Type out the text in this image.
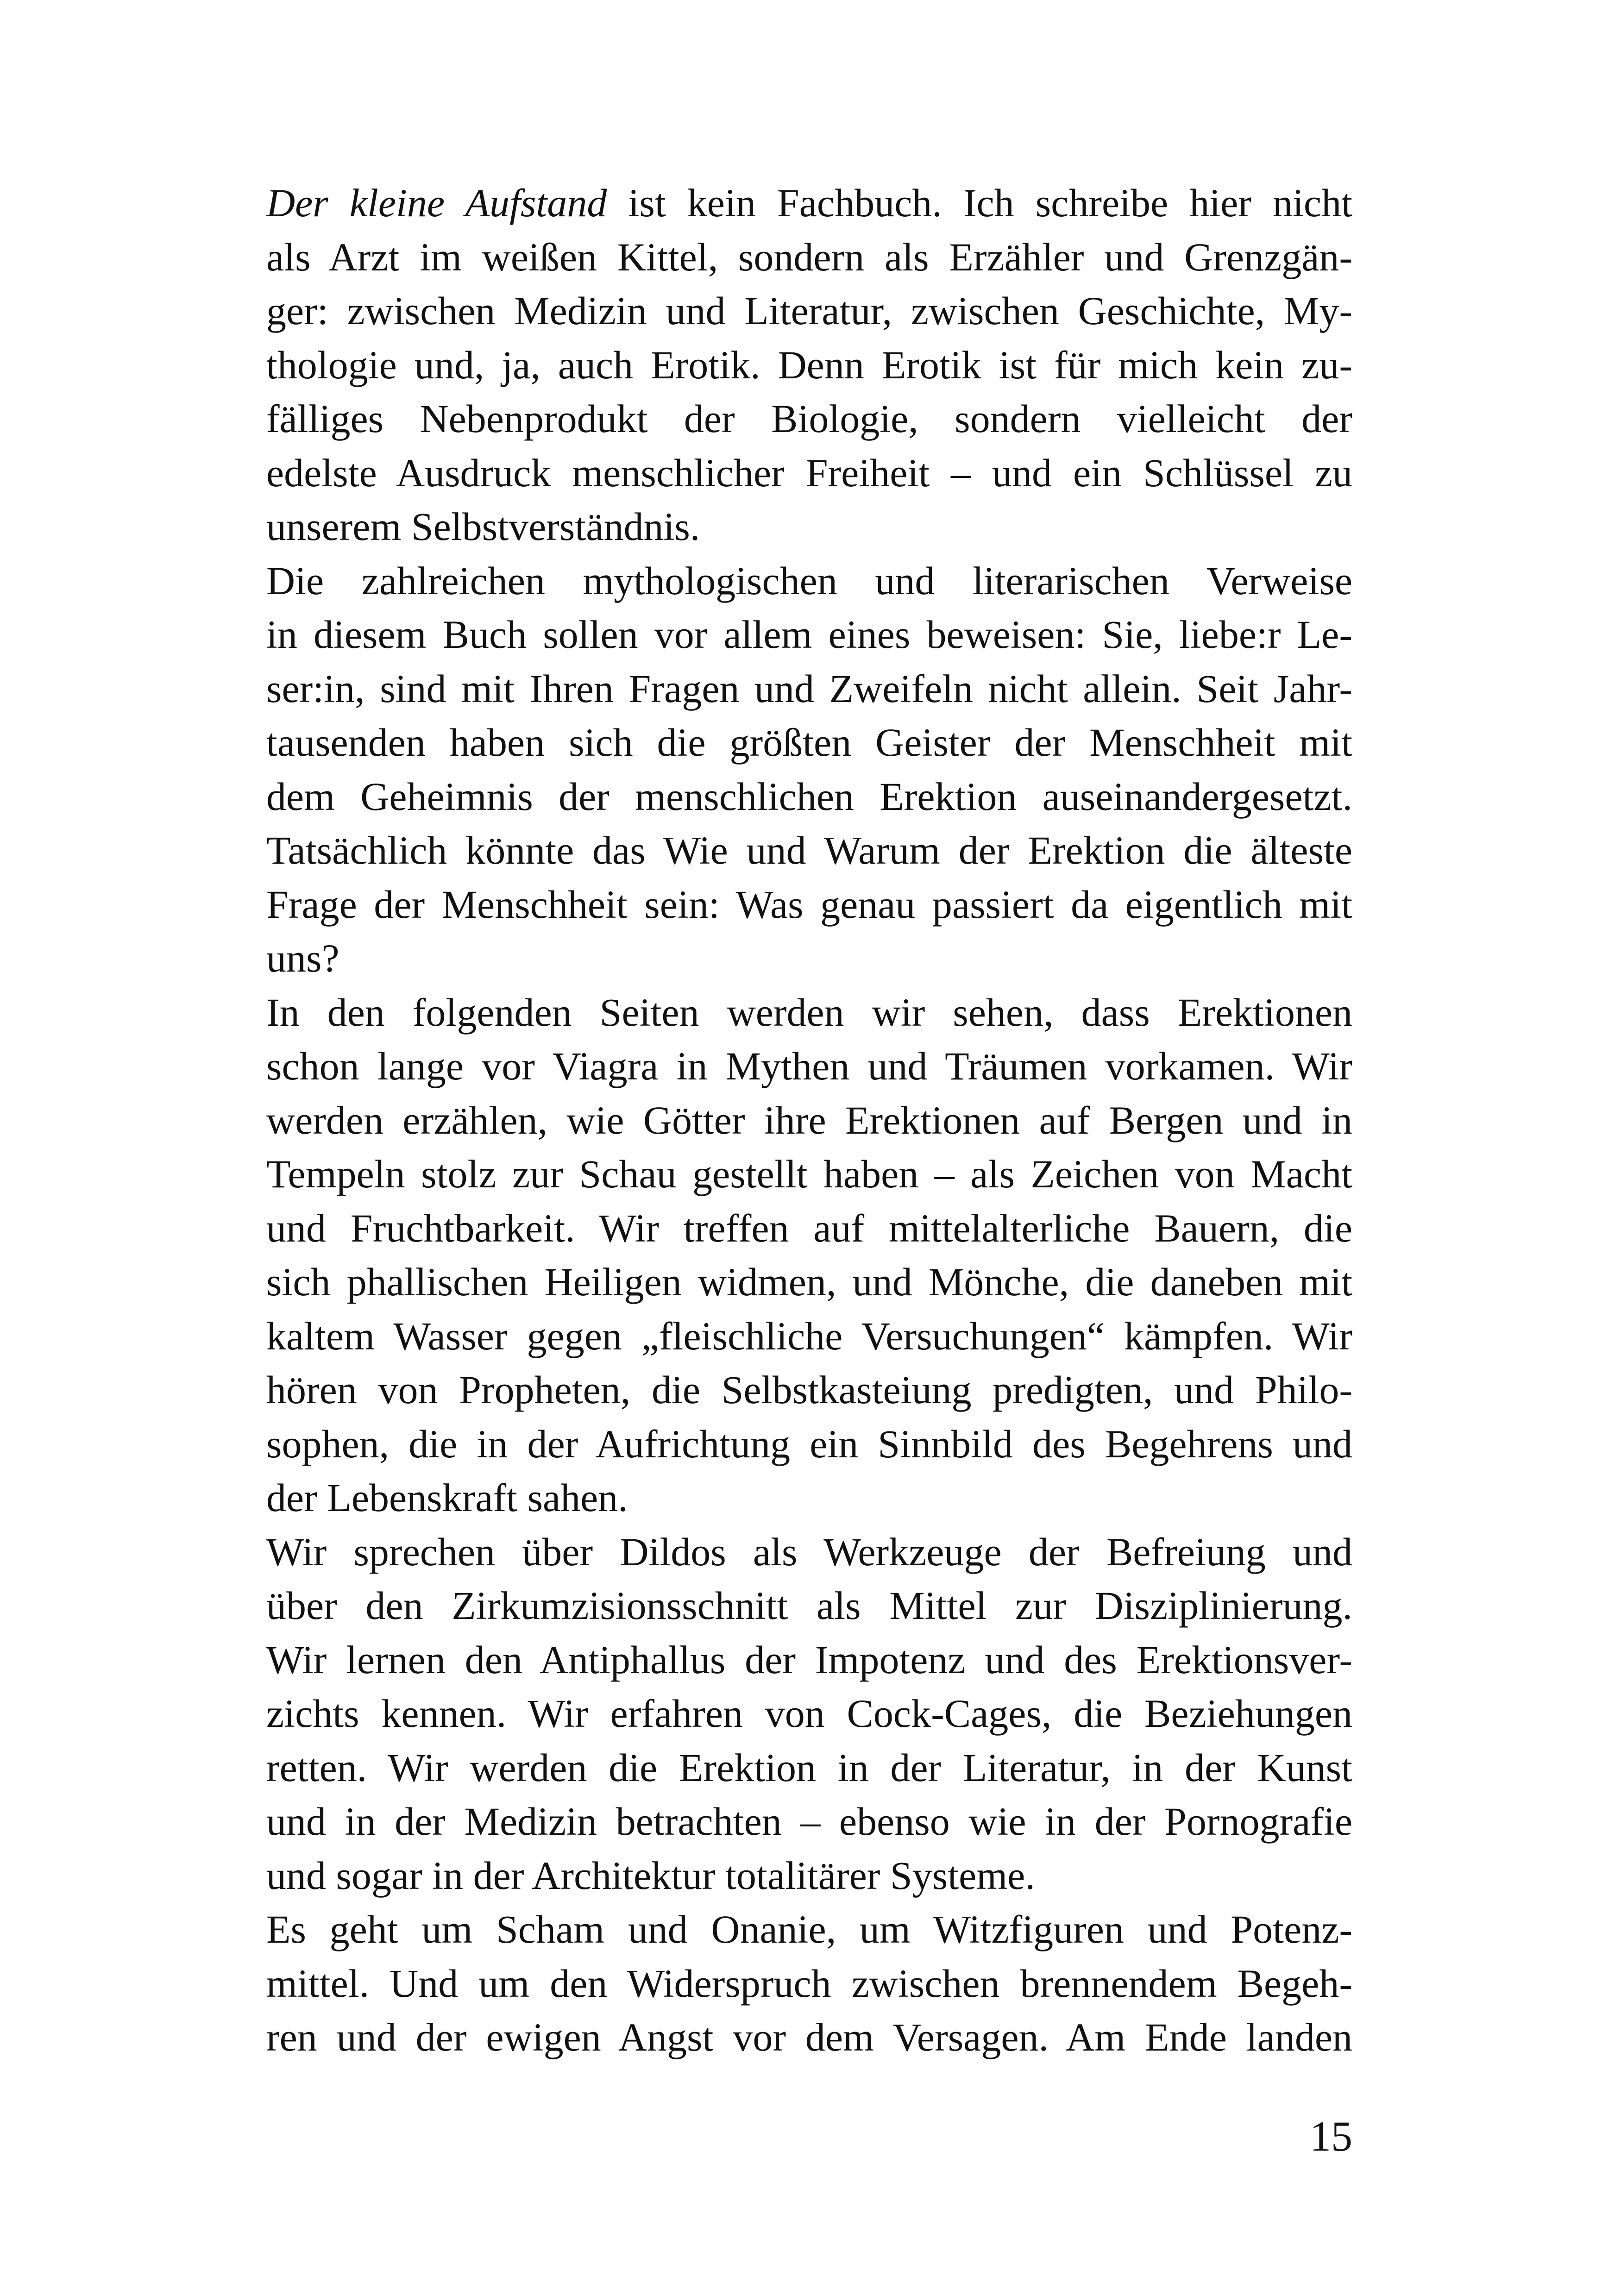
Der kleine Aufstand ist kein Fachbuch. Ich schreibe hier nicht
als Arzt im weißen Kittel, sondern als Erzähler und Grenzgän-
ger: zwischen Medizin und Literatur, zwischen Geschichte, My-
thologie und, ja, auch Erotik. Denn Erotik ist für mich kein zu-
fälliges Nebenprodukt der Biologie, sondern vielleicht der
edelste Ausdruck menschlicher Freiheit – und ein Schlüssel zu
unserem Selbstverständnis.

Die zahlreichen mythologischen und literarischen Verweise
in diesem Buch sollen vor allem eines beweisen: Sie, liebe:r Le-
ser:in, sind mit Ihren Fragen und Zweifeln nicht allein. Seit Jahr-
tausenden haben sich die größten Geister der Menschheit mit
dem Geheimnis der menschlichen Erektion auseinandergesetzt.
Tatsächlich könnte das Wie und Warum der Erektion die älteste
Frage der Menschheit sein: Was genau passiert da eigentlich mit
uns?

In den folgenden Seiten werden wir sehen, dass Erektionen
schon lange vor Viagra in Mythen und Träumen vorkamen. Wir
werden erzählen, wie Götter ihre Erektionen auf Bergen und in
Tempeln stolz zur Schau gestellt haben – als Zeichen von Macht
und Fruchtbarkeit. Wir treffen auf mittelalterliche Bauern, die
sich phallischen Heiligen widmen, und Mönche, die daneben mit
kaltem Wasser gegen „fleischliche Versuchungen“ kämpfen. Wir
hören von Propheten, die Selbstkasteiung predigten, und Philo-
sophen, die in der Aufrichtung ein Sinnbild des Begehrens und
der Lebenskraft sahen.

Wir sprechen über Dildos als Werkzeuge der Befreiung und
über den Zirkumzisionsschnitt als Mittel zur Disziplinierung.
Wir lernen den Antiphallus der Impotenz und des Erektionsver-
zichts kennen. Wir erfahren von Cock-Cages, die Beziehungen
retten. Wir werden die Erektion in der Literatur, in der Kunst
und in der Medizin betrachten – ebenso wie in der Pornografie
und sogar in der Architektur totalitärer Systeme.

Es geht um Scham und Onanie, um Witzfiguren und Potenz-
mittel. Und um den Widerspruch zwischen brennendem Begeh-
ren und der ewigen Angst vor dem Versagen. Am Ende landen

15
